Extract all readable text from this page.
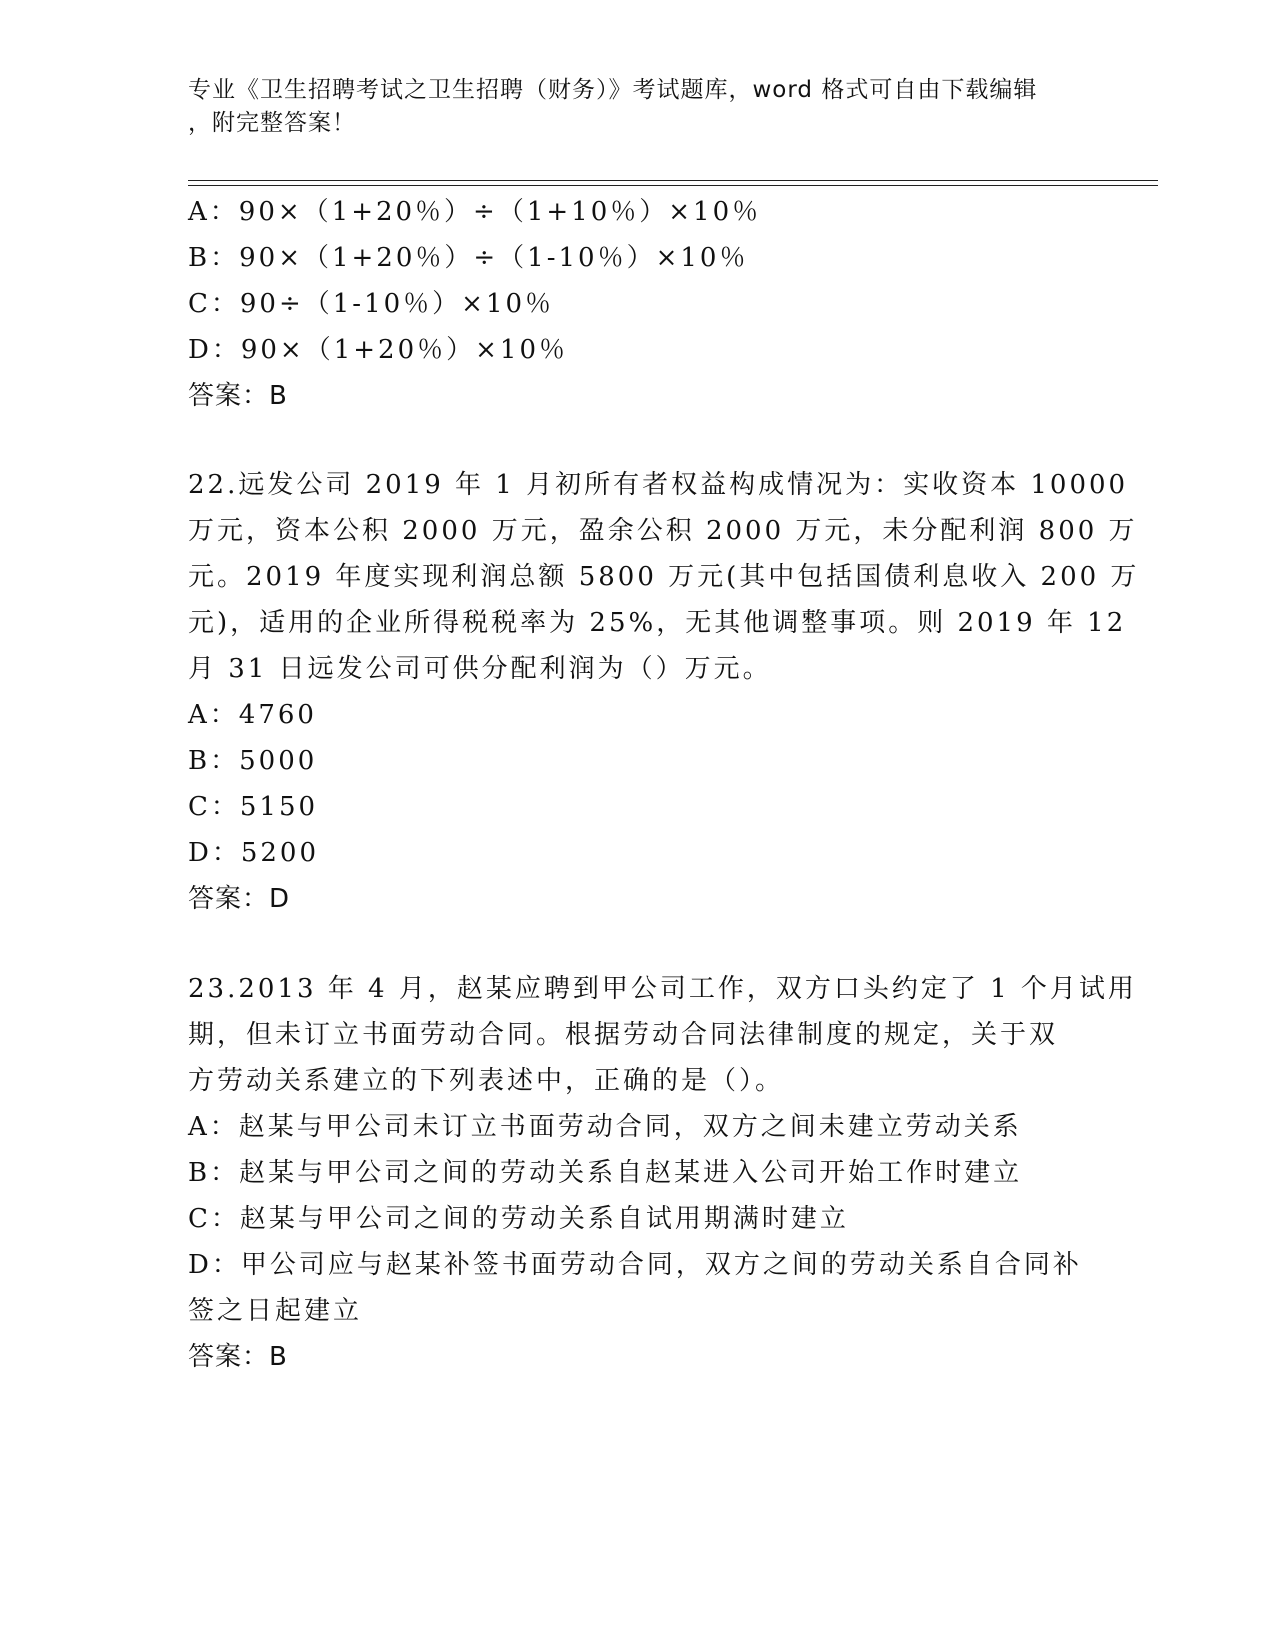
专业《卫生招聘考试之卫生招聘（财务）》考试题库，word 格式可自由下载编辑
，附完整答案！
A：90×（1+20％）÷（1+10％）×10％
B：90×（1+20％）÷（1-10％）×10％
C：90÷（1-10％）×10％
D：90×（1+20％）×10％
答案：B
22.远发公司 2019 年 1 月初所有者权益构成情况为：实收资本 10000
万元，资本公积 2000 万元，盈余公积 2000 万元，未分配利润 800 万
元。2019 年度实现利润总额 5800 万元(其中包括国债利息收入 200 万
元)，适用的企业所得税税率为 25%，无其他调整事项。则 2019 年 12
月 31 日远发公司可供分配利润为（）万元。
A：4760
B：5000
C：5150
D：5200
答案：D
23.2013 年 4 月，赵某应聘到甲公司工作，双方口头约定了 1 个月试用
期，但未订立书面劳动合同。根据劳动合同法律制度的规定，关于双
方劳动关系建立的下列表述中，正确的是（）。
A：赵某与甲公司未订立书面劳动合同，双方之间未建立劳动关系
B：赵某与甲公司之间的劳动关系自赵某进入公司开始工作时建立
C：赵某与甲公司之间的劳动关系自试用期满时建立
D：甲公司应与赵某补签书面劳动合同，双方之间的劳动关系自合同补
签之日起建立
答案：B
